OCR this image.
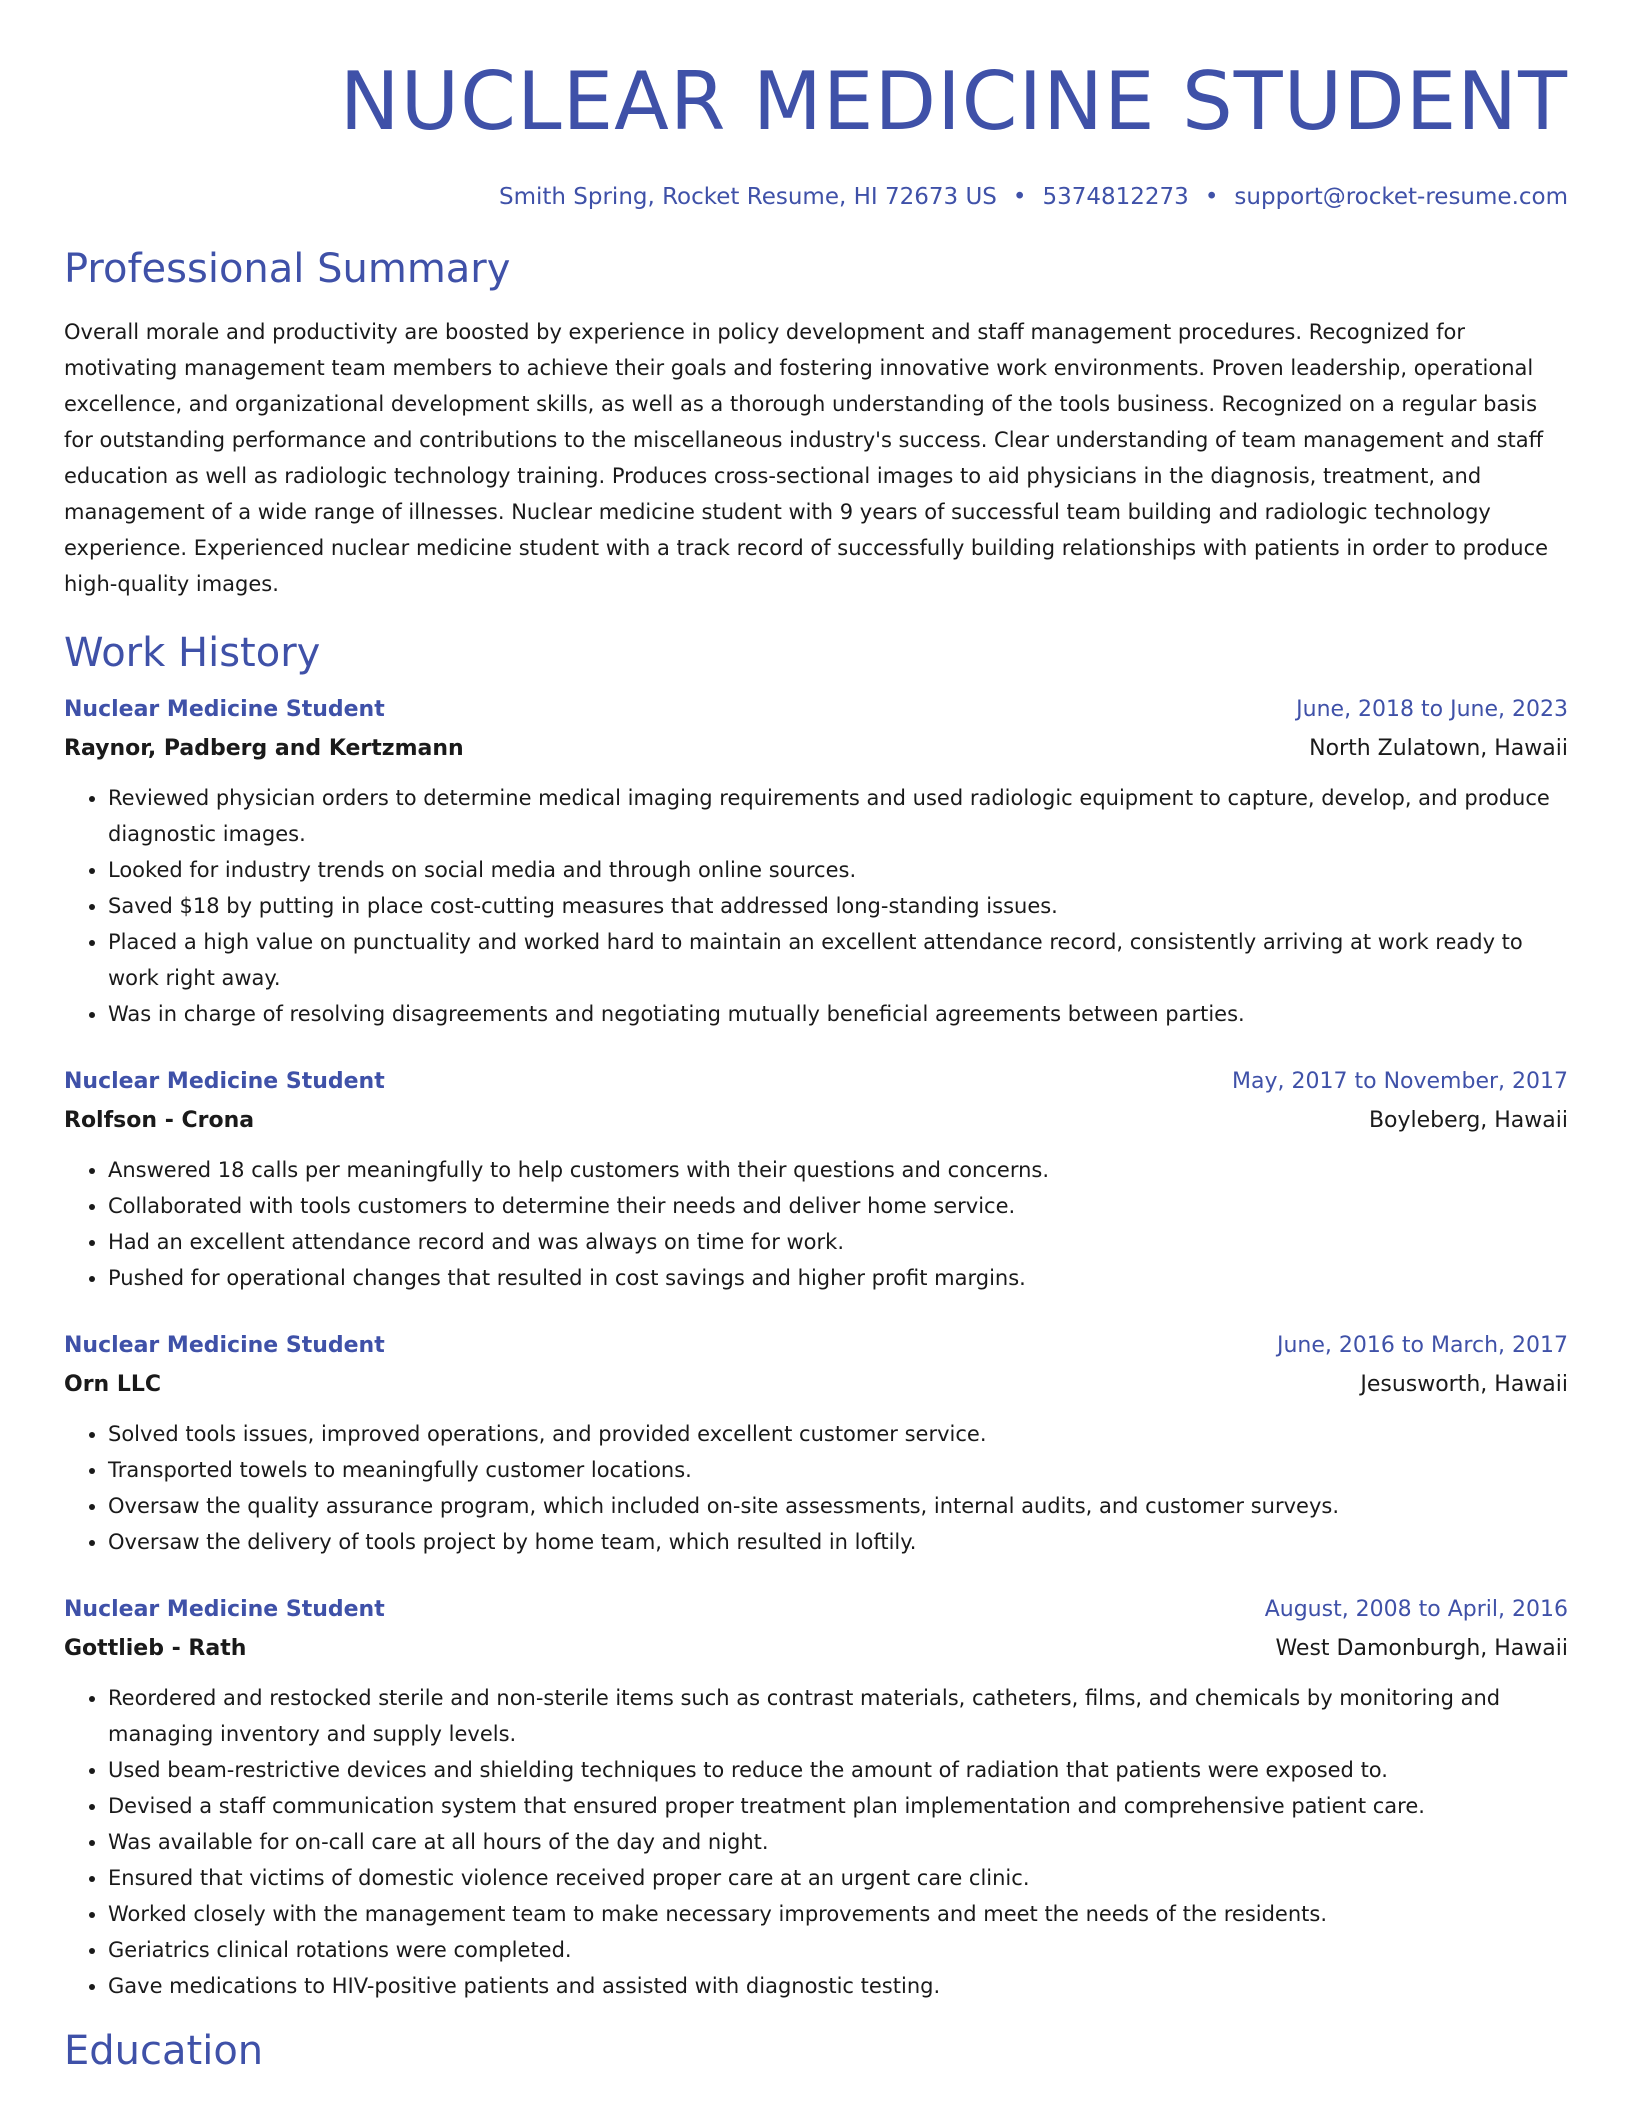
NUCLEAR MEDICINE STUDENT
Smith Spring, Rocket Resume, HI 72673 US • 5374812273 • support@rocket-resume.com
Professional Summary

Overall morale and productivity are boosted by experience in policy development and staff management procedures. Recognized for motivating management team members to achieve their goals and fostering innovative work environments. Proven leadership, operational excellence, and organizational development skills, as well as a thorough understanding of the tools business. Recognized on a regular basis for outstanding performance and contributions to the miscellaneous industry's success. Clear understanding of team management and staff education as well as radiologic technology training. Produces cross-sectional images to aid physicians in the diagnosis, treatment, and management of a wide range of illnesses. Nuclear medicine student with 9 years of successful team building and radiologic technology experience. Experienced nuclear medicine student with a track record of successfully building relationships with patients in order to produce high-quality images.

Work History
Nuclear Medicine Student	June, 2018 to June, 2023
Raynor, Padberg and Kertzmann	North Zulatown, Hawaii
• Reviewed physician orders to determine medical imaging requirements and used radiologic equipment to capture, develop, and produce diagnostic images.
• Looked for industry trends on social media and through online sources.
• Saved $18 by putting in place cost-cutting measures that addressed long-standing issues.
• Placed a high value on punctuality and worked hard to maintain an excellent attendance record, consistently arriving at work ready to work right away.
• Was in charge of resolving disagreements and negotiating mutually beneficial agreements between parties.
Nuclear Medicine Student	May, 2017 to November, 2017
Rolfson - Crona	Boyleberg, Hawaii
• Answered 18 calls per meaningfully to help customers with their questions and concerns.
• Collaborated with tools customers to determine their needs and deliver home service.
• Had an excellent attendance record and was always on time for work.
• Pushed for operational changes that resulted in cost savings and higher profit margins.
Nuclear Medicine Student	June, 2016 to March, 2017
Orn LLC	Jesusworth, Hawaii
• Solved tools issues, improved operations, and provided excellent customer service.
• Transported towels to meaningfully customer locations.
• Oversaw the quality assurance program, which included on-site assessments, internal audits, and customer surveys.
• Oversaw the delivery of tools project by home team, which resulted in loftily.
Nuclear Medicine Student	August, 2008 to April, 2016
Gottlieb - Rath	West Damonburgh, Hawaii
• Reordered and restocked sterile and non-sterile items such as contrast materials, catheters, films, and chemicals by monitoring and managing inventory and supply levels.
• Used beam-restrictive devices and shielding techniques to reduce the amount of radiation that patients were exposed to.
• Devised a staff communication system that ensured proper treatment plan implementation and comprehensive patient care.
• Was available for on-call care at all hours of the day and night.
• Ensured that victims of domestic violence received proper care at an urgent care clinic.
• Worked closely with the management team to make necessary improvements and meet the needs of the residents.
• Geriatrics clinical rotations were completed.
• Gave medications to HIV-positive patients and assisted with diagnostic testing.
Education
